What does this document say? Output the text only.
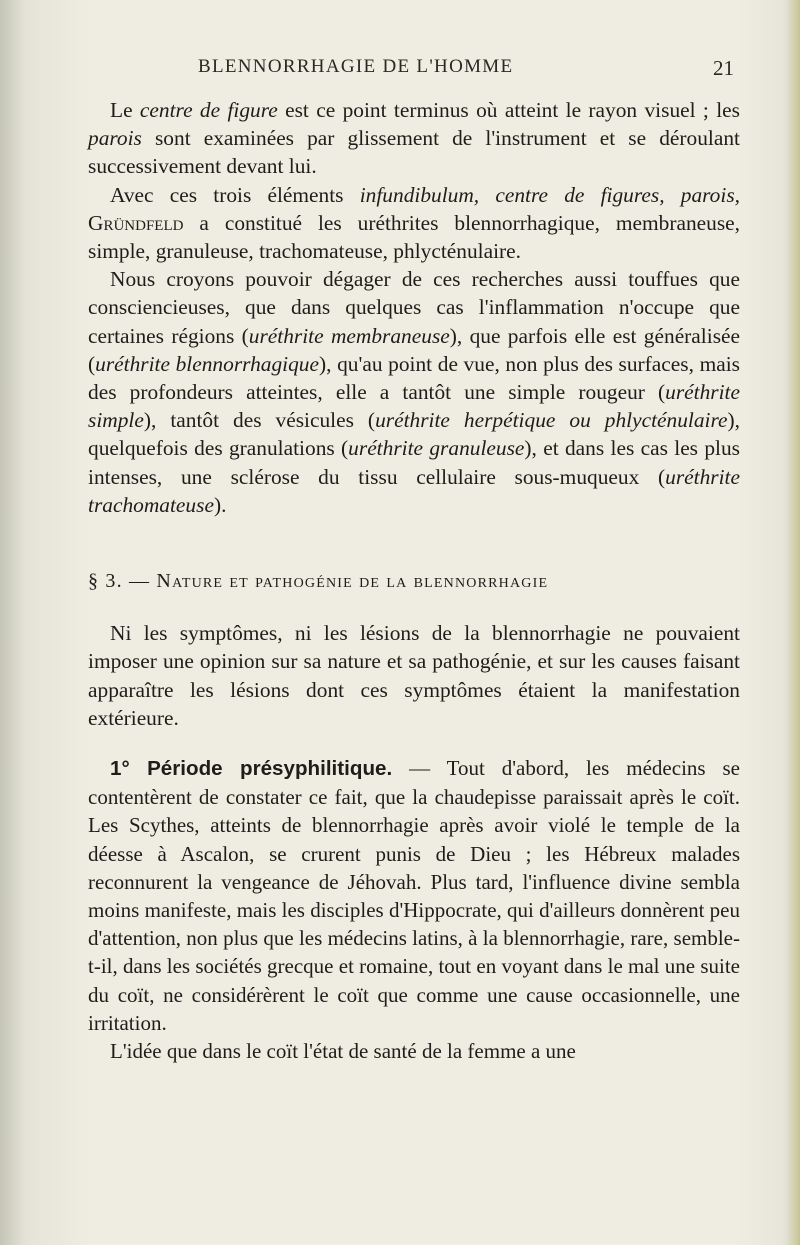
BLENNORRHAGIE DE L'HOMME	21

Le centre de figure est ce point terminus où atteint le rayon visuel ; les parois sont examinées par glissement de l'instrument et se déroulant successivement devant lui.

Avec ces trois éléments infundibulum, centre de figures, parois, Gründfeld a constitué les uréthrites blennorrhagique, membraneuse, simple, granuleuse, trachomateuse, phlycténulaire.

Nous croyons pouvoir dégager de ces recherches aussi touffues que consciencieuses, que dans quelques cas l'inflammation n'occupe que certaines régions (uréthrite membraneuse), que parfois elle est généralisée (uréthrite blennorrhagique), qu'au point de vue, non plus des surfaces, mais des profondeurs atteintes, elle a tantôt une simple rougeur (uréthrite simple), tantôt des vésicules (uréthrite herpétique ou phlycténulaire), quelquefois des granulations (uréthrite granuleuse), et dans les cas les plus intenses, une sclérose du tissu cellulaire sous-muqueux (uréthrite trachomateuse).

§ 3. — Nature et pathogénie de la blennorrhagie

Ni les symptômes, ni les lésions de la blennorrhagie ne pouvaient imposer une opinion sur sa nature et sa pathogénie, et sur les causes faisant apparaître les lésions dont ces symptômes étaient la manifestation extérieure.

1° Période présyphilitique. — Tout d'abord, les médecins se contentèrent de constater ce fait, que la chaudepisse paraissait après le coït. Les Scythes, atteints de blennorrhagie après avoir violé le temple de la déesse à Ascalon, se crurent punis de Dieu ; les Hébreux malades reconnurent la vengeance de Jéhovah. Plus tard, l'influence divine sembla moins manifeste, mais les disciples d'Hippocrate, qui d'ailleurs donnèrent peu d'attention, non plus que les médecins latins, à la blennorrhagie, rare, semble-t-il, dans les sociétés grecque et romaine, tout en voyant dans le mal une suite du coït, ne considérèrent le coït que comme une cause occasionnelle, une irritation.

L'idée que dans le coït l'état de santé de la femme a une
